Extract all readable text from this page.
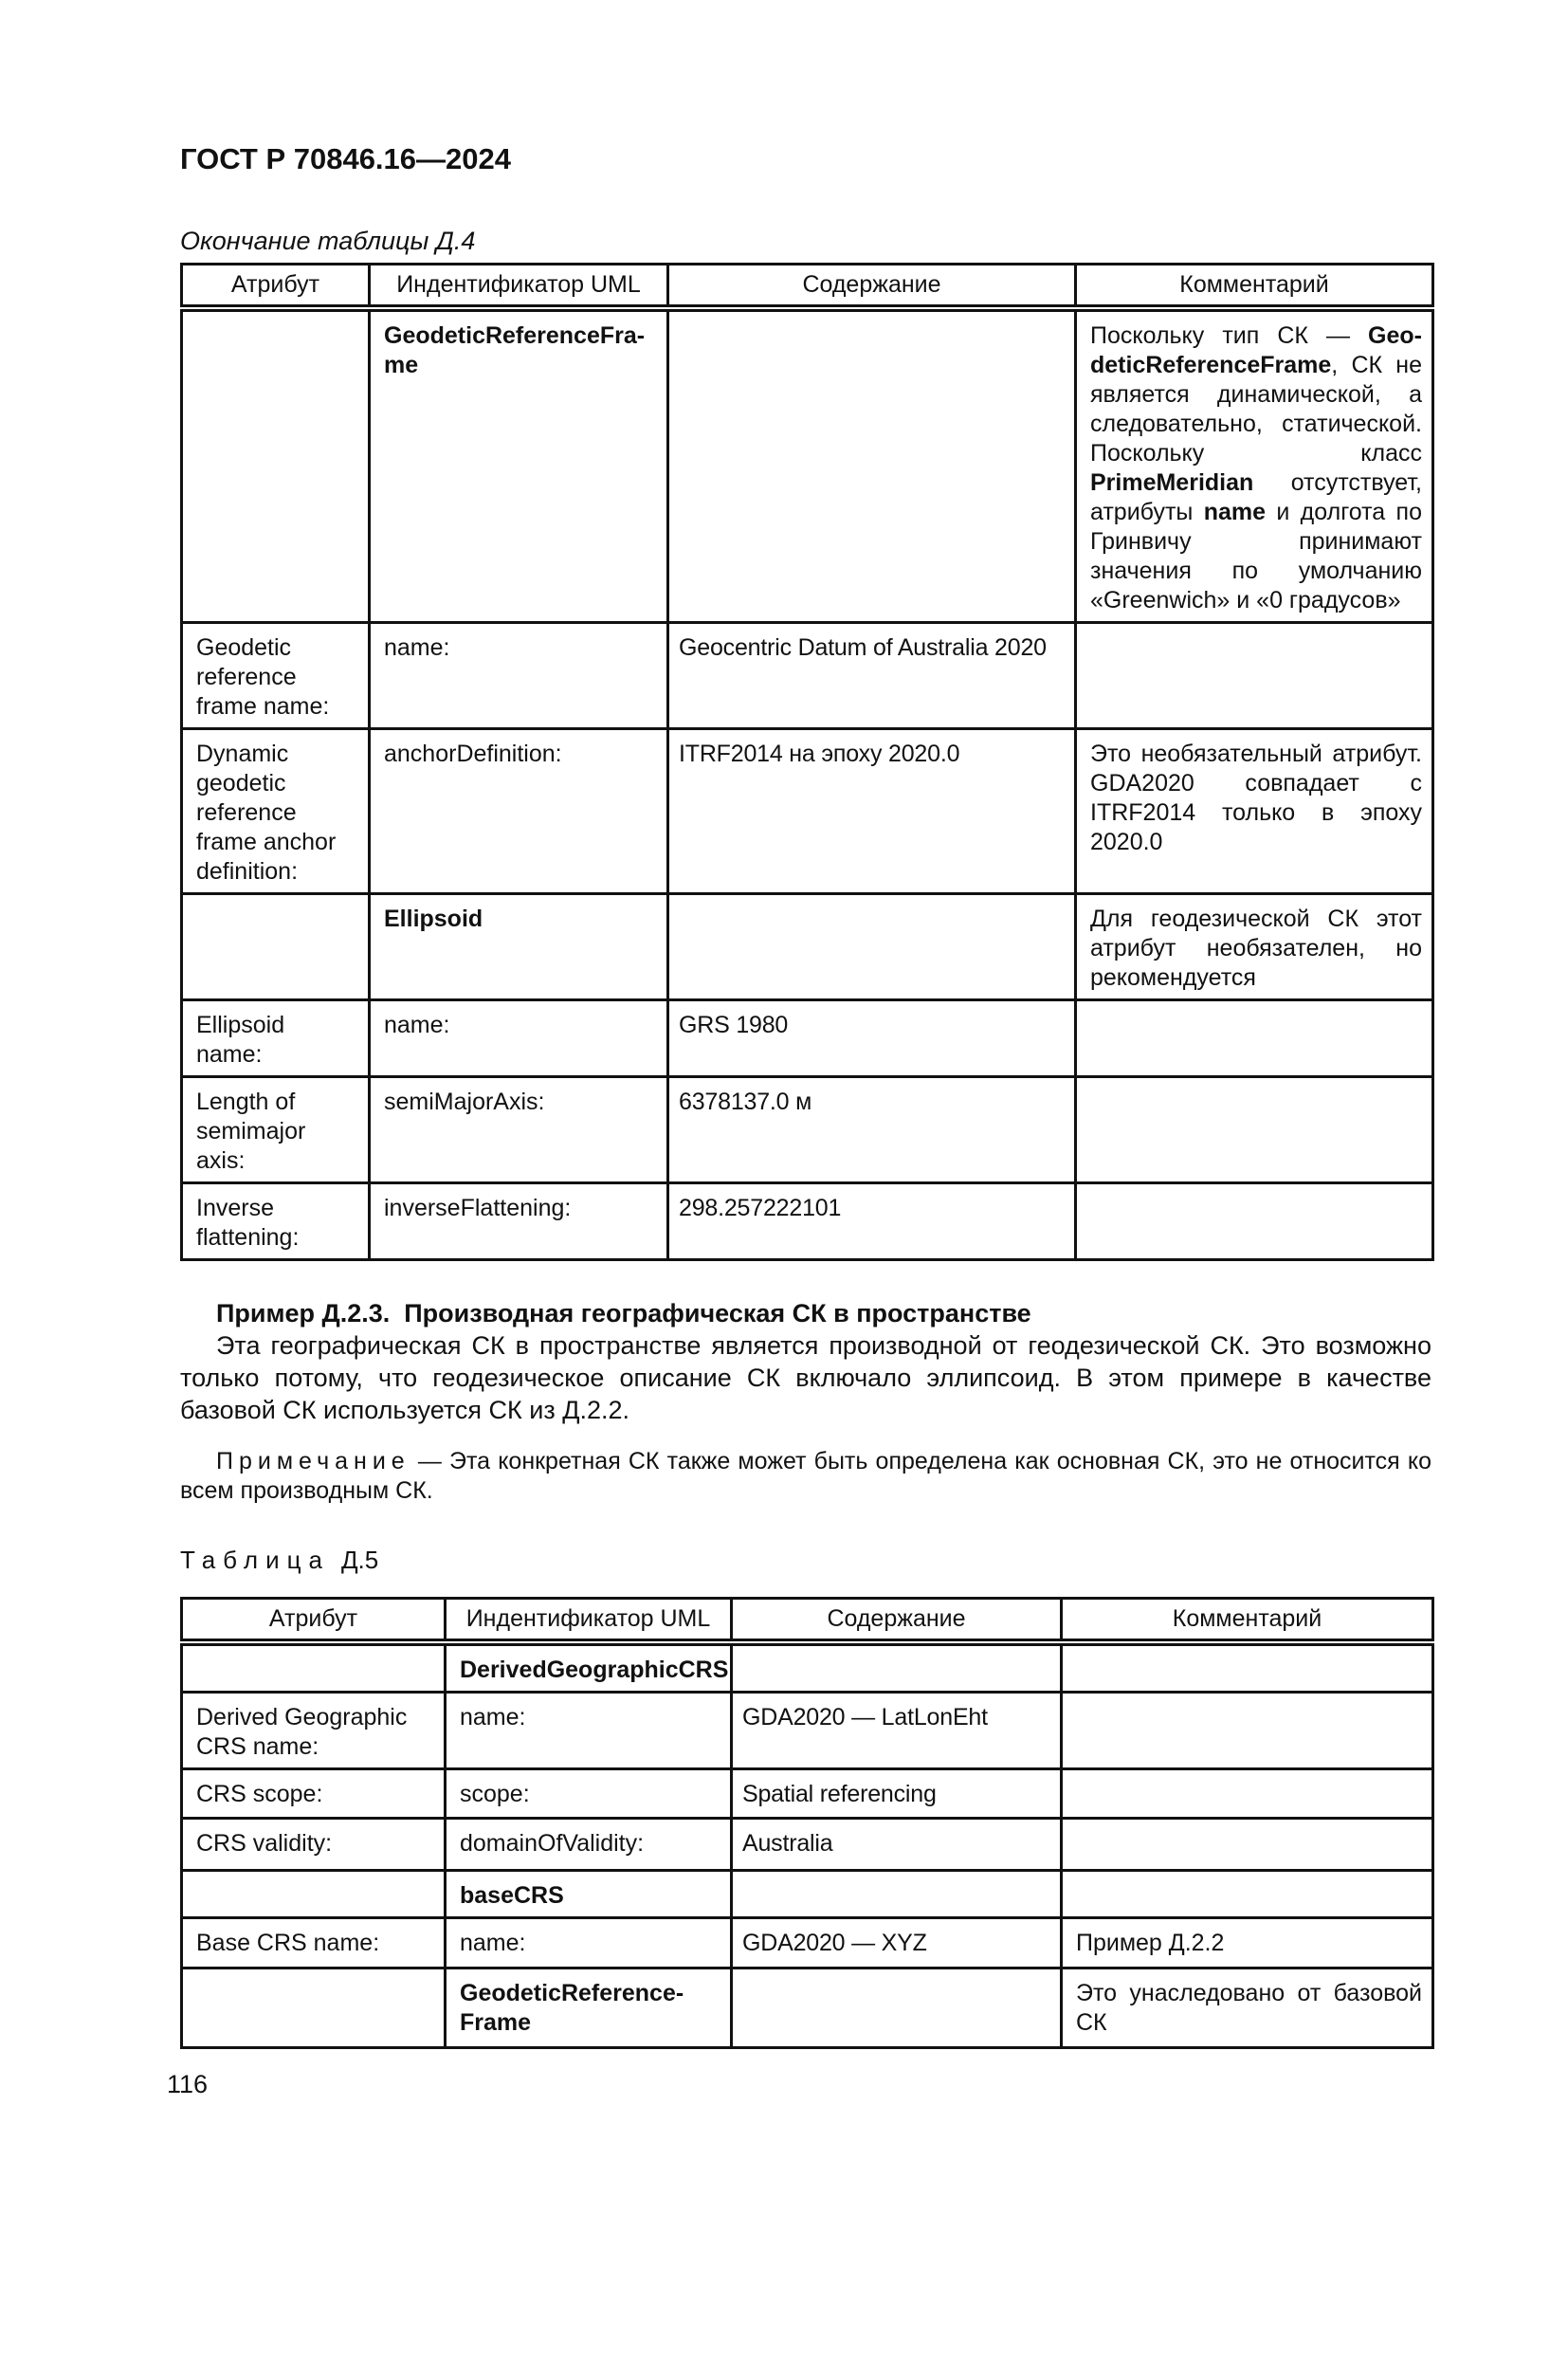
ГОСТ Р 70846.16—2024
Окончание таблицы Д.4
Атрибут	Индентификатор UML	Содержание	Комментарий
	GeodeticReferenceFrame		Поскольку тип СК — GeodeticReferenceFrame, СК не является динамической, а следовательно, статической. Поскольку класс PrimeMeridian отсутствует, атрибуты name и долгота по Гринвичу принимают значения по умолчанию «Greenwich» и «0 градусов»
Geodetic reference frame name:	name:	Geocentric Datum of Australia 2020	
Dynamic geodetic reference frame anchor definition:	anchorDefinition:	ITRF2014 на эпоху 2020.0	Это необязательный атрибут. GDA2020 совпадает с ITRF2014 только в эпоху 2020.0
	Ellipsoid		Для геодезической СК этот атрибут необязателен, но рекомендуется
Ellipsoid name:	name:	GRS 1980	
Length of semimajor axis:	semiMajorAxis:	6378137.0 м	
Inverse flattening:	inverseFlattening:	298.257222101	

Пример Д.2.3.  Производная географическая СК в пространстве

Эта географическая СК в пространстве является производной от геодезической СК. Это возможно только потому, что геодезическое описание СК включало эллипсоид. В этом примере в качестве базовой СК используется СК из Д.2.2.

Примечание — Эта конкретная СК также может быть определена как основная СК, это не относится ко всем производным СК.

Таблица Д.5
Атрибут	Индентификатор UML	Содержание	Комментарий
	DerivedGeographicCRS		
Derived Geographic CRS name:	name:	GDA2020 — LatLonEht	
CRS scope:	scope:	Spatial referencing	
CRS validity:	domainOfValidity:	Australia	
	baseCRS		
Base CRS name:	name:	GDA2020 — XYZ	Пример Д.2.2
	GeodeticReferenceFrame		Это унаследовано от базовой СК
116
